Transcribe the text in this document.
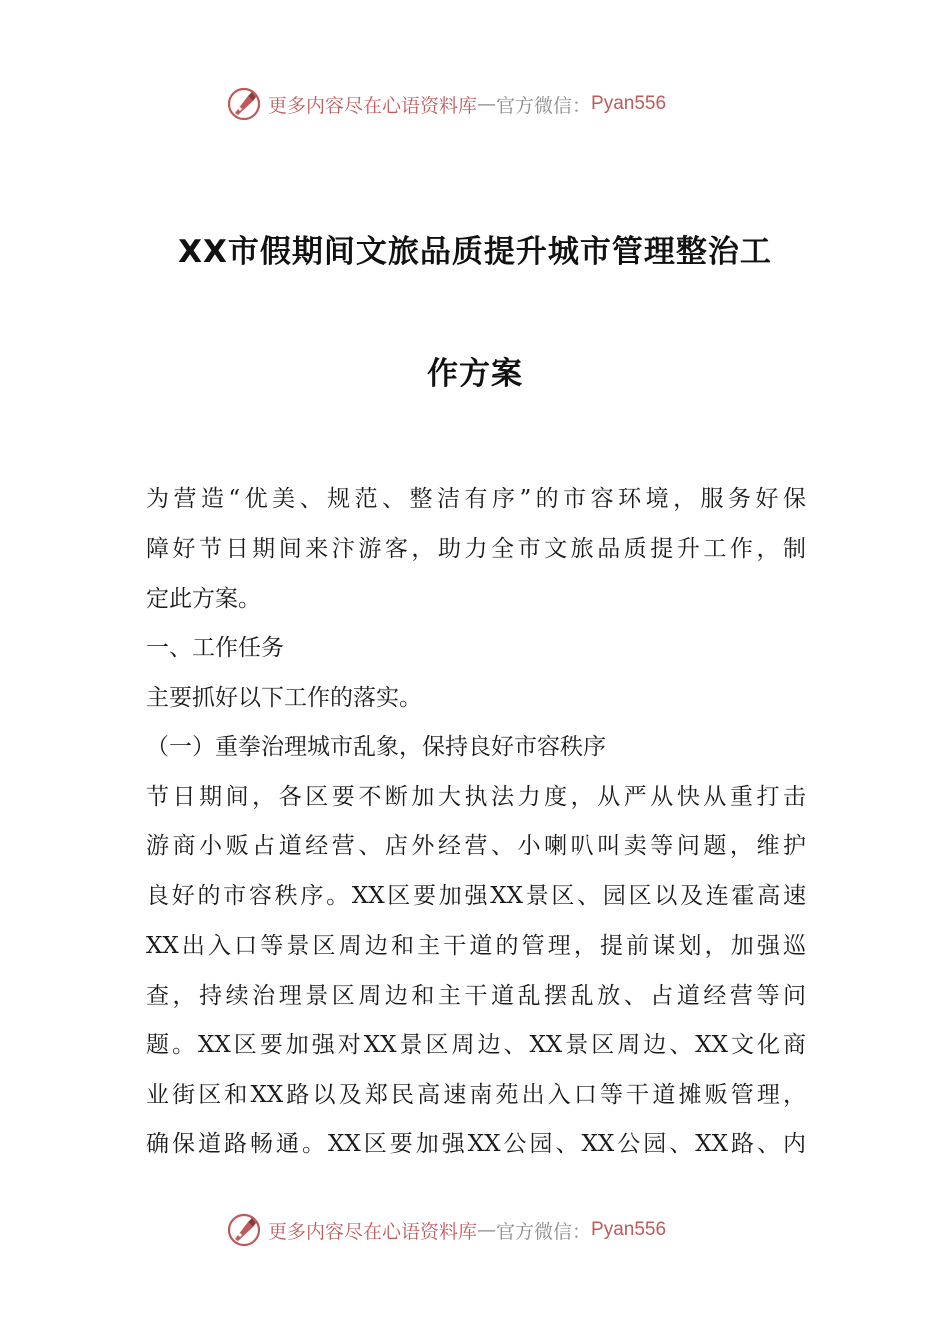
更多内容尽在心语资料库 — 官方微信： Pyan556
XX市假期间文旅品质提升城市管理整治工
作方案
为营造“优美、规范、整洁有序”的市容环境，服务好保
障好节日期间来汴游客，助力全市文旅品质提升工作，制
定此方案。
一、工作任务
主要抓好以下工作的落实。
（一）重拳治理城市乱象，保持良好市容秩序
节日期间，各区要不断加大执法力度，从严从快从重打击
游商小贩占道经营、店外经营、小喇叭叫卖等问题，维护
良好的市容秩序。XX区要加强XX景区、园区以及连霍高速
XX出入口等景区周边和主干道的管理，提前谋划，加强巡
查，持续治理景区周边和主干道乱摆乱放、占道经营等问
题。XX区要加强对XX景区周边、XX景区周边、XX文化商
业街区和XX路以及郑民高速南苑出入口等干道摊贩管理，
确保道路畅通。XX区要加强XX公园、XX公园、XX路、内
更多内容尽在心语资料库 — 官方微信： Pyan556
